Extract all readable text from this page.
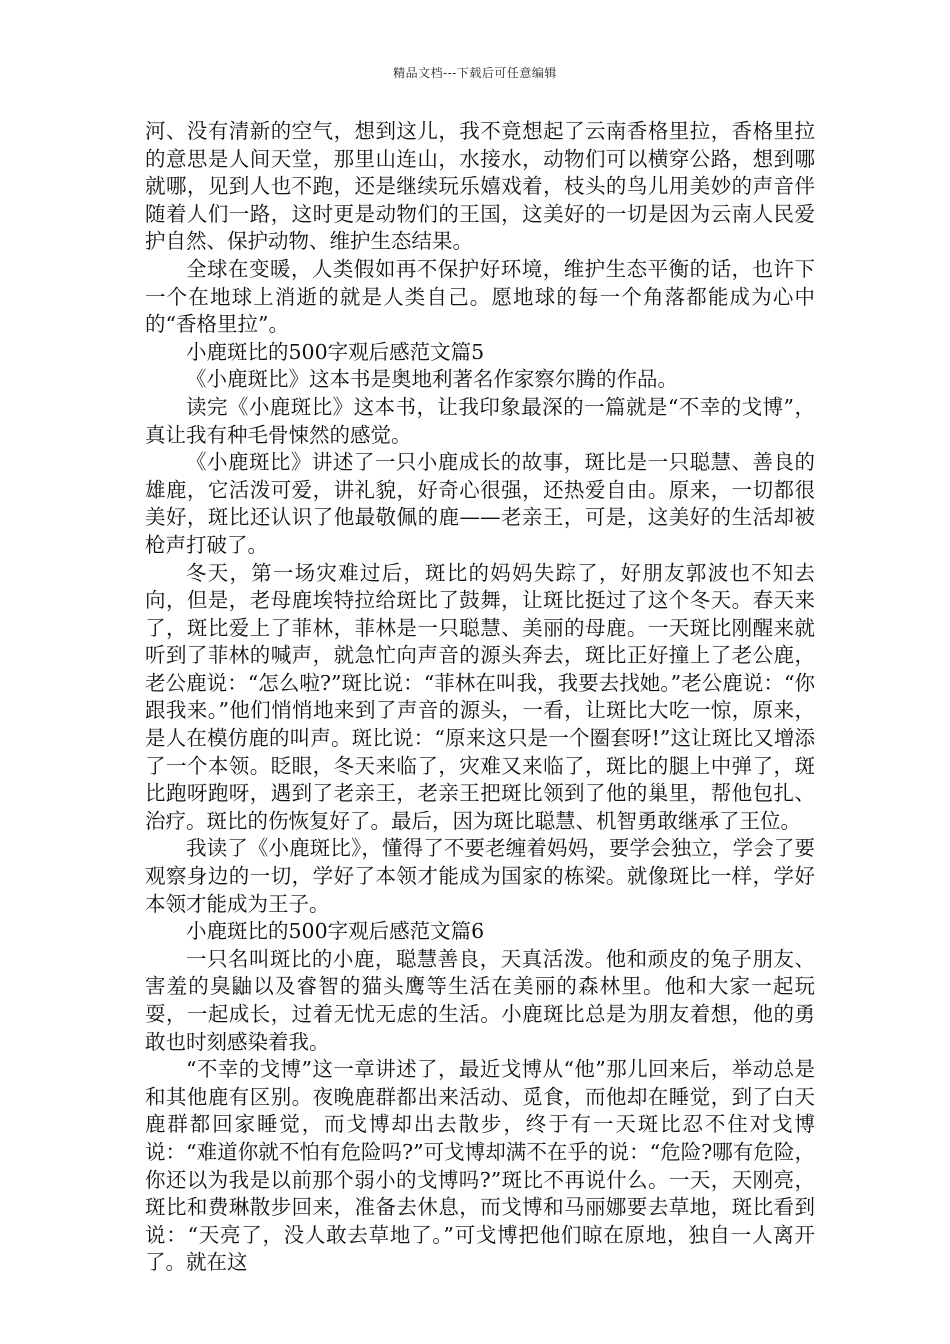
精品文档---下载后可任意编辑

河、没有清新的空气，想到这儿，我不竟想起了云南香格里拉，香格里拉的意思是人间天堂，那里山连山，水接水，动物们可以横穿公路，想到哪就哪，见到人也不跑，还是继续玩乐嬉戏着，枝头的鸟儿用美妙的声音伴随着人们一路，这时更是动物们的王国，这美好的一切是因为云南人民爱护自然、保护动物、维护生态结果。

全球在变暖，人类假如再不保护好环境，维护生态平衡的话，也许下一个在地球上消逝的就是人类自己。愿地球的每一个角落都能成为心中的“香格里拉”。

小鹿斑比的500字观后感范文篇5

《小鹿斑比》这本书是奥地利著名作家察尔腾的作品。

读完《小鹿斑比》这本书，让我印象最深的一篇就是“不幸的戈博”，真让我有种毛骨悚然的感觉。

《小鹿斑比》讲述了一只小鹿成长的故事，斑比是一只聪慧、善良的雄鹿，它活泼可爱，讲礼貌，好奇心很强，还热爱自由。原来，一切都很美好，斑比还认识了他最敬佩的鹿——老亲王，可是，这美好的生活却被枪声打破了。

冬天，第一场灾难过后，斑比的妈妈失踪了，好朋友郭波也不知去向，但是，老母鹿埃特拉给斑比了鼓舞，让斑比挺过了这个冬天。春天来了，斑比爱上了菲林，菲林是一只聪慧、美丽的母鹿。一天斑比刚醒来就听到了菲林的喊声，就急忙向声音的源头奔去，斑比正好撞上了老公鹿，老公鹿说：“怎么啦?”斑比说：“菲林在叫我，我要去找她。”老公鹿说：“你跟我来。”他们悄悄地来到了声音的源头，一看，让斑比大吃一惊，原来，是人在模仿鹿的叫声。斑比说：“原来这只是一个圈套呀!”这让斑比又增添了一个本领。眨眼，冬天来临了，灾难又来临了，斑比的腿上中弹了，斑比跑呀跑呀，遇到了老亲王，老亲王把斑比领到了他的巢里，帮他包扎、治疗。斑比的伤恢复好了。最后，因为斑比聪慧、机智勇敢继承了王位。

我读了《小鹿斑比》，懂得了不要老缠着妈妈，要学会独立，学会了要观察身边的一切，学好了本领才能成为国家的栋梁。就像斑比一样，学好本领才能成为王子。

小鹿斑比的500字观后感范文篇6

一只名叫斑比的小鹿，聪慧善良，天真活泼。他和顽皮的兔子朋友、害羞的臭鼬以及睿智的猫头鹰等生活在美丽的森林里。他和大家一起玩耍，一起成长，过着无忧无虑的生活。小鹿斑比总是为朋友着想，他的勇敢也时刻感染着我。

“不幸的戈博”这一章讲述了，最近戈博从“他”那儿回来后，举动总是和其他鹿有区别。夜晚鹿群都出来活动、觅食，而他却在睡觉，到了白天鹿群都回家睡觉，而戈博却出去散步，终于有一天斑比忍不住对戈博说：“难道你就不怕有危险吗?”可戈博却满不在乎的说：“危险?哪有危险，你还以为我是以前那个弱小的戈博吗?”斑比不再说什么。一天，天刚亮，斑比和费琳散步回来，准备去休息，而戈博和马丽娜要去草地，斑比看到说：“天亮了，没人敢去草地了。”可戈博把他们晾在原地，独自一人离开了。就在这
